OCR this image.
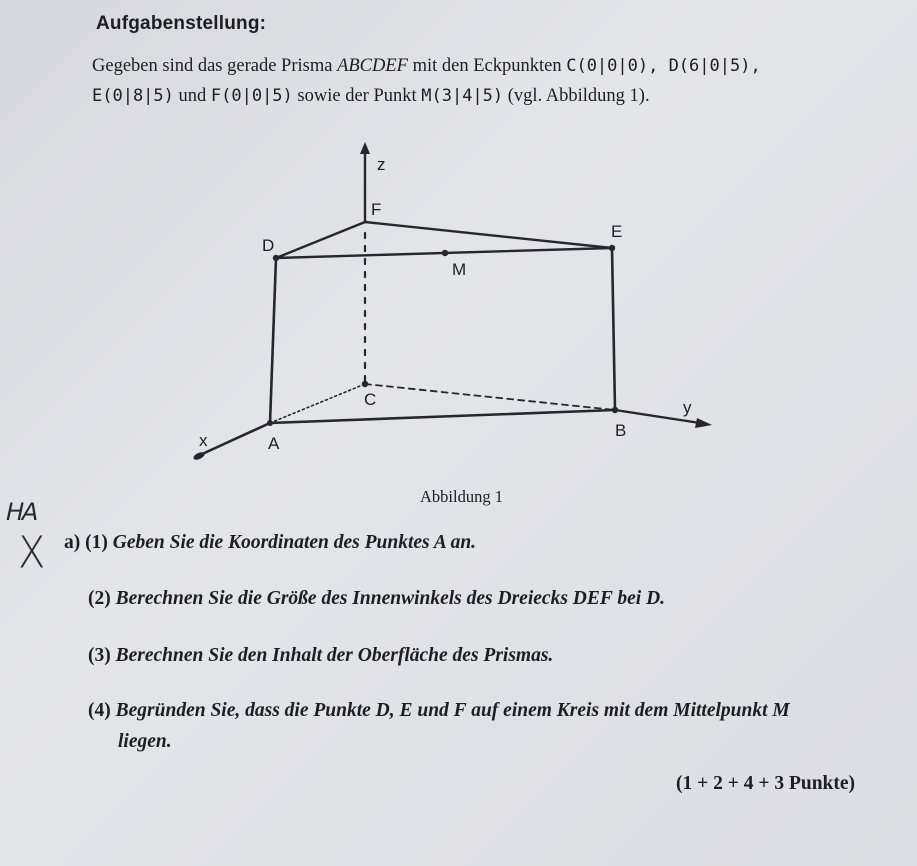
Aufgabenstellung:
Gegeben sind das gerade Prisma ABCDEF mit den Eckpunkten C(0|0|0), D(6|0|5),
E(0|8|5) und F(0|0|5) sowie der Punkt M(3|4|5) (vgl. Abbildung 1).
z
F
D
E
M
C	y
x	A
B
Abbildung 1
HA
X a) (1) Geben Sie die Koordinaten des Punktes A an.
(2) Berechnen Sie die Größe des Innenwinkels des Dreiecks DEF bei D.
(3) Berechnen Sie den Inhalt der Oberfläche des Prismas.
(4) Begründen Sie, dass die Punkte D, E und F auf einem Kreis mit dem Mittelpunkt M
liegen.
(1 + 2 + 4 + 3 Punkte)
